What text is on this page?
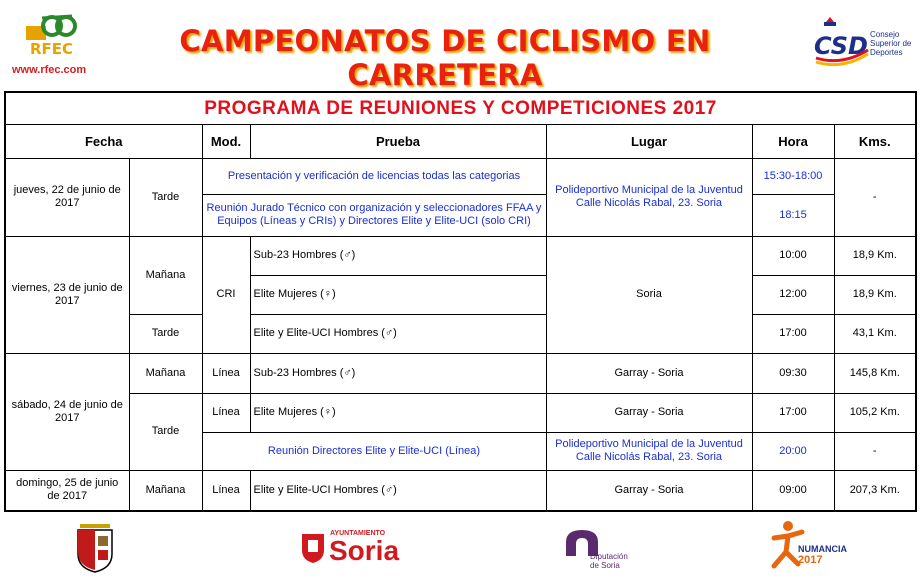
RFEC
www.rfec.com
CAMPEONATOS DE CICLISMO EN CARRETERA
CSD Consejo
Superior de
Deportes
PROGRAMA DE REUNIONES Y COMPETICIONES 2017						
Fecha		Mod.	Prueba	Lugar	Hora	Kms.
jueves, 22 de junio de 2017	Tarde	Presentación y verificación de licencias todas las categorias		Polideportivo Municipal de la Juventud Calle Nicolás Rabal, 23. Soria	15:30-18:00	-
		Reunión Jurado Técnico con organización y seleccionadores FFAA y Equipos (Líneas y CRIs) y Directores Elite y Elite-UCI (solo CRI)			18:15	
viernes, 23 de junio de 2017	Mañana	CRI	Sub-23 Hombres (♂)	Soria	10:00	18,9 Km.
			Elite Mujeres (♀)		12:00	18,9 Km.
	Tarde		Elite y Elite-UCI Hombres (♂)		17:00	43,1 Km.
sábado, 24 de junio de 2017	Mañana	Línea	Sub-23 Hombres (♂)	Garray - Soria	09:30	145,8 Km.
	Tarde	Línea	Elite Mujeres (♀)	Garray - Soria	17:00	105,2 Km.
		Reunión Directores Elite y Elite-UCI (Línea)		Polideportivo Municipal de la Juventud Calle Nicolás Rabal, 23. Soria	20:00	-
domingo, 25 de junio de 2017	Mañana	Línea	Elite y Elite-UCI Hombres (♂)	Garray - Soria	09:00	207,3 Km.
AYUNTAMIENTO
Soria	Diputación
de Soria
NUMANCIA
2017
